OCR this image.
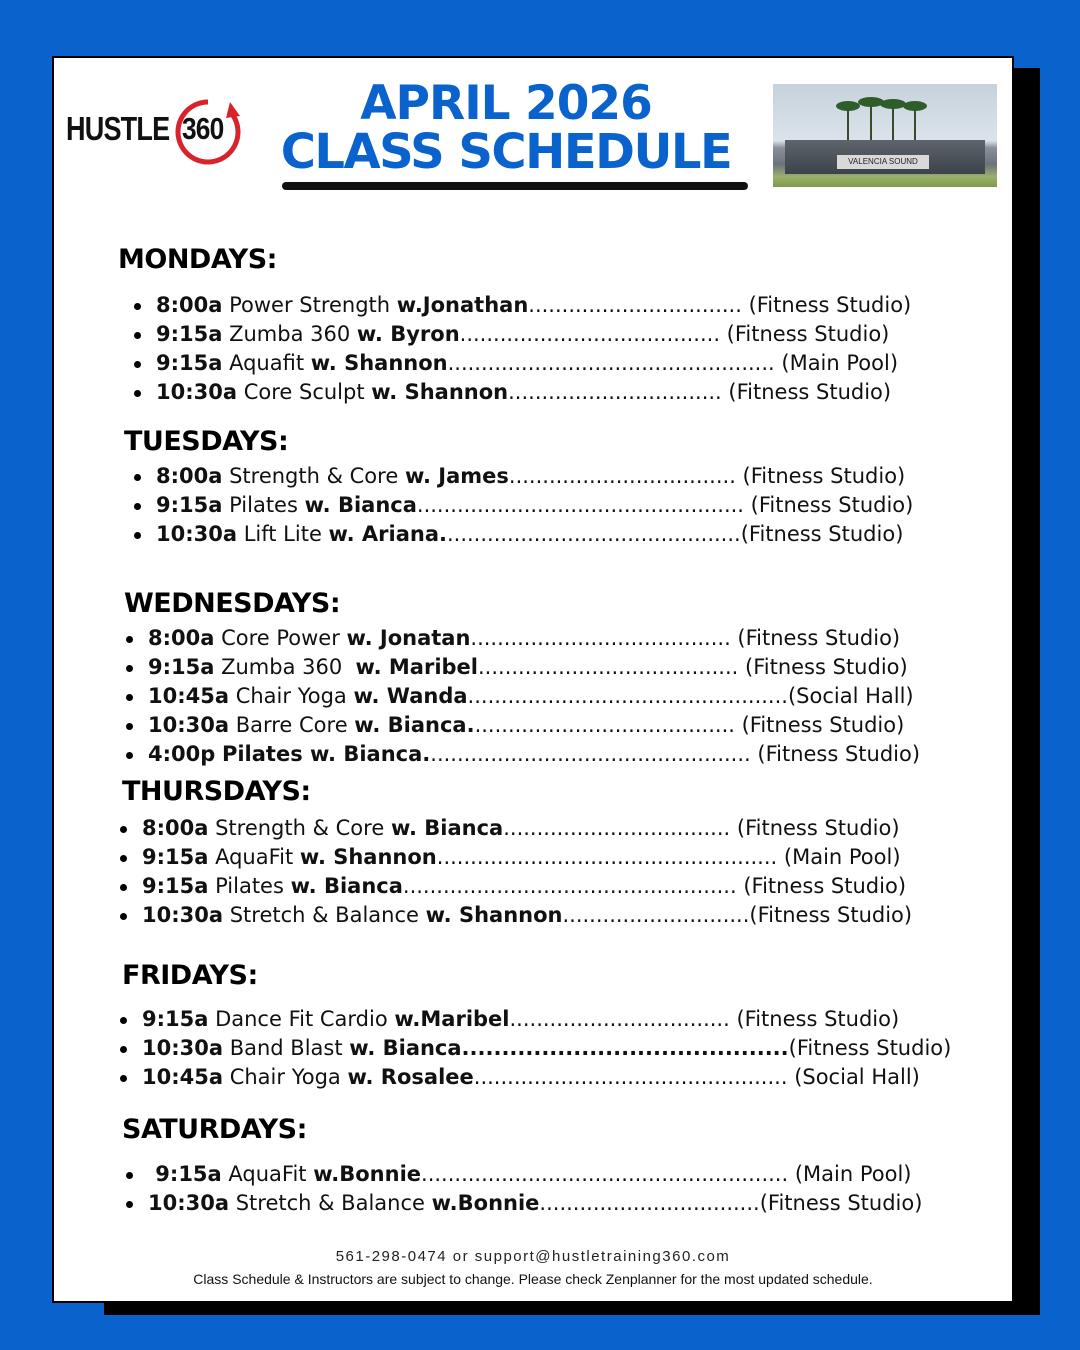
HUSTLE 360	APRIL 2026
CLASS SCHEDULE	VALENCIA SOUND
MONDAYS:
8:00a Power Strength w.Jonathan................................ (Fitness Studio)
9:15a Zumba 360 w. Byron....................................... (Fitness Studio)
9:15a Aquafit w. Shannon................................................. (Main Pool)
10:30a Core Sculpt w. Shannon................................ (Fitness Studio)
TUESDAYS:
8:00a Strength & Core w. James.................................. (Fitness Studio)
9:15a Pilates w. Bianca................................................. (Fitness Studio)
10:30a Lift Lite w. Ariana.............................................(Fitness Studio)
WEDNESDAYS:
8:00a Core Power w. Jonatan....................................... (Fitness Studio)
9:15a Zumba 360  w. Maribel....................................... (Fitness Studio)
10:45a Chair Yoga w. Wanda................................................(Social Hall)
10:30a Barre Core w. Bianca........................................ (Fitness Studio)
4:00p Pilates w. Bianca................................................. (Fitness Studio)
THURSDAYS:
8:00a Strength & Core w. Bianca.................................. (Fitness Studio)
9:15a AquaFit w. Shannon................................................... (Main Pool)
9:15a Pilates w. Bianca.................................................. (Fitness Studio)
10:30a Stretch & Balance w. Shannon............................(Fitness Studio)
FRIDAYS:
9:15a Dance Fit Cardio w.Maribel................................. (Fitness Studio)
10:30a Band Blast w. Bianca.........................................(Fitness Studio)
10:45a Chair Yoga w. Rosalee............................................... (Social Hall)
SATURDAYS:
9:15a AquaFit w.Bonnie....................................................... (Main Pool)
10:30a Stretch & Balance w.Bonnie.................................(Fitness Studio)
561-298-0474 or support@hustletraining360.com
Class Schedule & Instructors are subject to change. Please check Zenplanner for the most updated schedule.
